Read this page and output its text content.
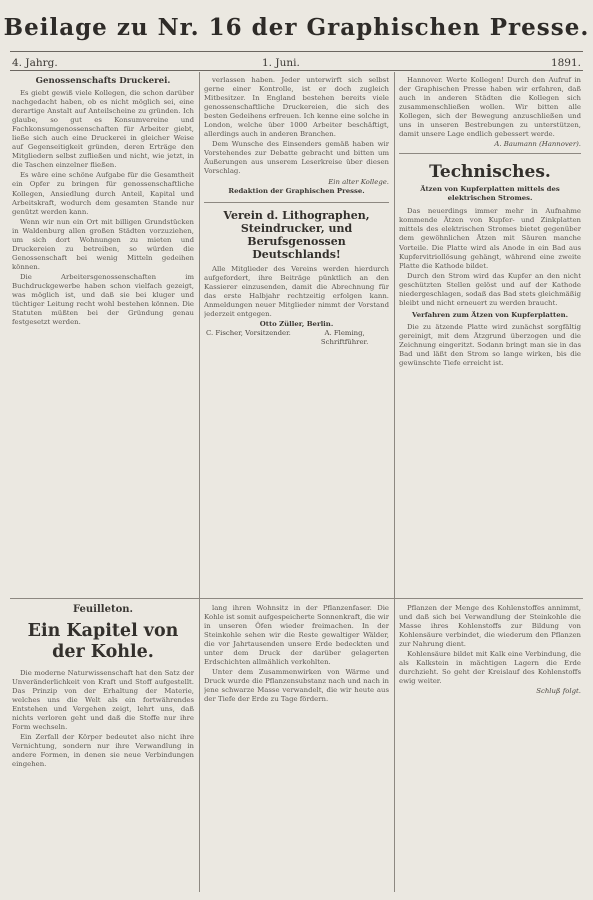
Beilage zu Nr. 16 der Graphischen Presse.
4. Jahrg.	1. Juni.	1891.

Genossenschafts Druckerei.

Es giebt gewiß viele Kollegen, die schon darüber nachgedacht haben, ob es nicht möglich sei, eine derartige Anstalt auf Anteilscheine zu gründen. Ich glaube, so gut es Konsumvereine und Fachkonsumgenossenschaften für Arbeiter giebt, ließe sich auch eine Druckerei in gleicher Weise auf Gegenseitigkeit gründen, deren Erträge den Mitgliedern selbst zufließen und nicht, wie jetzt, in die Taschen einzelner fließen.

Es wäre eine schöne Aufgabe für die Gesamtheit ein Opfer zu bringen für genossenschaftliche Kollegen, Ansiedlung durch Anteil, Kapital und Arbeitskraft, wodurch dem gesamten Stande nur genützt werden kann.

Wenn wir nun ein Ort mit billigen Grundstücken in Waldenburg allen großen Städten vorzuziehen, um sich dort Wohnungen zu mieten und Druckereien zu betreiben, so würden die Genossenschaft bei wenig Mitteln gedeihen können.

Die Arbeitersgenossenschaften im Buchdruckgewerbe haben schon vielfach gezeigt, was möglich ist, und daß sie bei kluger und tüchtiger Leitung recht wohl bestehen können. Die Statuten müßten bei der Gründung genau festgesetzt werden.

verlassen haben. Jeder unterwirft sich selbst gerne einer Kontrolle, ist er doch zugleich Mitbesitzer. In England bestehen bereits viele genossenschaftliche Druckereien, die sich des besten Gedeihens erfreuen. Ich kenne eine solche in London, welche über 1000 Arbeiter beschäftigt, allerdings auch in anderen Branchen.

Dem Wunsche des Einsenders gemäß haben wir Vorstehendes zur Debatte gebracht und bitten um Äußerungen aus unserem Leserkreise über diesen Vorschlag.

Ein alter Kollege.

Redaktion der Graphischen Presse.

Verein d. Lithographen, Steindrucker, und Berufsgenossen Deutschlands!

Alle Mitglieder des Vereins werden hierdurch aufgefordert, ihre Beiträge pünktlich an den Kassierer einzusenden, damit die Abrechnung für das erste Halbjahr rechtzeitig erfolgen kann. Anmeldungen neuer Mitglieder nimmt der Vorstand jederzeit entgegen.

Otto Züller, Berlin.

C. Fischer, Vorsitzender.	A. Fleming, Schriftführer.

Hannover. Werte Kollegen! Durch den Aufruf in der Graphischen Presse haben wir erfahren, daß auch in anderen Städten die Kollegen sich zusammenschließen wollen. Wir bitten alle Kollegen, sich der Bewegung anzuschließen und uns in unseren Bestrebungen zu unterstützen, damit unsere Lage endlich gebessert werde.

A. Baumann (Hannover).

Technisches.

Ätzen von Kupferplatten mittels des elektrischen Stromes.

Das neuerdings immer mehr in Aufnahme kommende Ätzen von Kupfer- und Zinkplatten mittels des elektrischen Stromes bietet gegenüber dem gewöhnlichen Ätzen mit Säuren manche Vorteile. Die Platte wird als Anode in ein Bad aus Kupfervitriollösung gehängt, während eine zweite Platte die Kathode bildet.

Durch den Strom wird das Kupfer an den nicht geschützten Stellen gelöst und auf der Kathode niedergeschlagen, sodaß das Bad stets gleichmäßig bleibt und nicht erneuert zu werden braucht.

Verfahren zum Ätzen von Kupferplatten.

Die zu ätzende Platte wird zunächst sorgfältig gereinigt, mit dem Ätzgrund überzogen und die Zeichnung eingeritzt. Sodann bringt man sie in das Bad und läßt den Strom so lange wirken, bis die gewünschte Tiefe erreicht ist.

Feuilleton.

Ein Kapitel von der Kohle.

Die moderne Naturwissenschaft hat den Satz der Unveränderlichkeit von Kraft und Stoff aufgestellt. Das Prinzip von der Erhaltung der Materie, welches uns die Welt als ein fortwährendes Entstehen und Vergehen zeigt, lehrt uns, daß nichts verloren geht und daß die Stoffe nur ihre Form wechseln.

Ein Zerfall der Körper bedeutet also nicht ihre Vernichtung, sondern nur ihre Verwandlung in andere Formen, in denen sie neue Verbindungen eingehen.

lang ihren Wohnsitz in der Pflanzenfaser. Die Kohle ist somit aufgespeicherte Sonnenkraft, die wir in unseren Öfen wieder freimachen. In der Steinkohle sehen wir die Reste gewaltiger Wälder, die vor Jahrtausenden unsere Erde bedeckten und unter dem Druck der darüber gelagerten Erdschichten allmählich verkohlten.

Unter dem Zusammenwirken von Wärme und Druck wurde die Pflanzensubstanz nach und nach in jene schwarze Masse verwandelt, die wir heute aus der Tiefe der Erde zu Tage fördern.

Pflanzen der Menge des Kohlenstoffes annimmt, und daß sich bei Verwandlung der Steinkohle die Masse ihres Kohlenstoffs zur Bildung von Kohlensäure verbindet, die wiederum den Pflanzen zur Nahrung dient.

Kohlensäure bildet mit Kalk eine Verbindung, die als Kalkstein in mächtigen Lagern die Erde durchzieht. So geht der Kreislauf des Kohlenstoffs ewig weiter.

Schluß folgt.
